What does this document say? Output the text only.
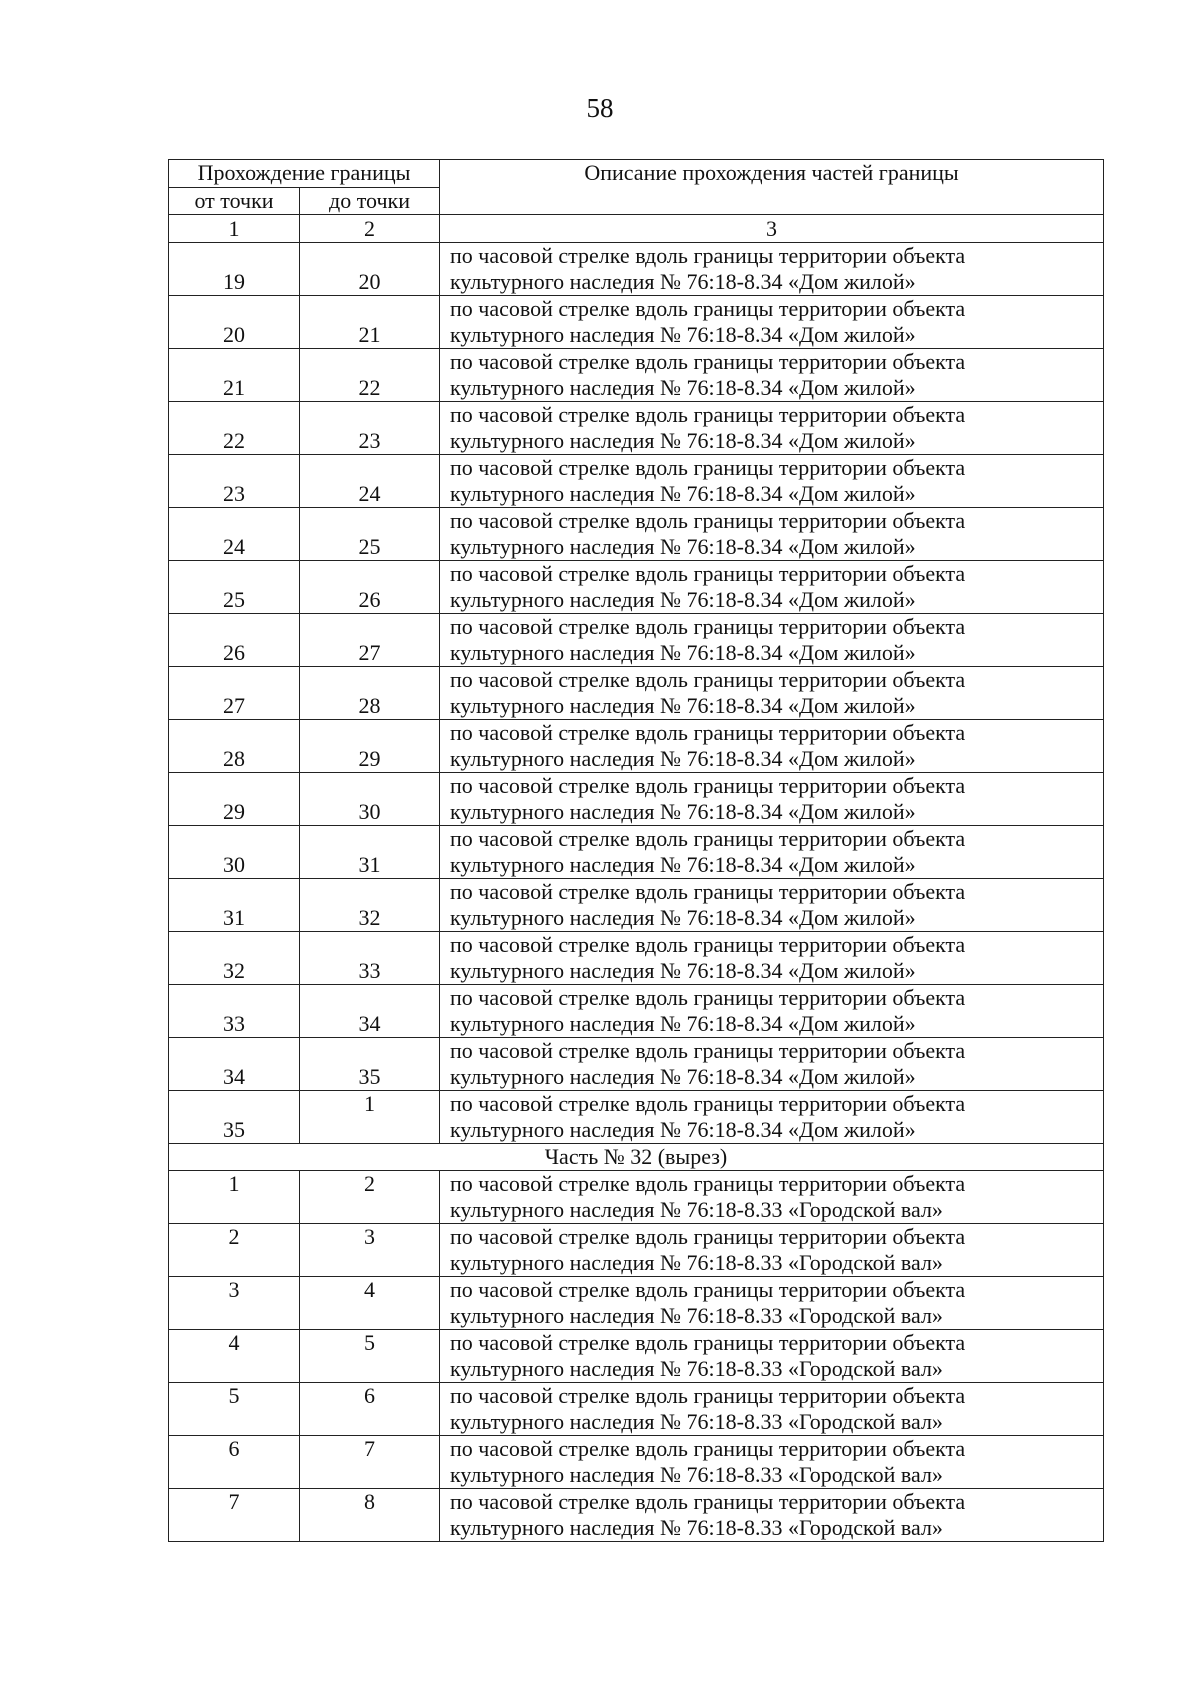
58
Прохождение границы		Описание прохождения частей границы
от точки	до точки	
1	2	3
19	20	по часовой стрелке вдоль границы территории объекта
культурного наследия № 76:18-8.34 «Дом жилой»

20	21	по часовой стрелке вдоль границы территории объекта
культурного наследия № 76:18-8.34 «Дом жилой»

21	22	по часовой стрелке вдоль границы территории объекта
культурного наследия № 76:18-8.34 «Дом жилой»

22	23	по часовой стрелке вдоль границы территории объекта
культурного наследия № 76:18-8.34 «Дом жилой»

23	24	по часовой стрелке вдоль границы территории объекта
культурного наследия № 76:18-8.34 «Дом жилой»

24	25	по часовой стрелке вдоль границы территории объекта
культурного наследия № 76:18-8.34 «Дом жилой»

25	26	по часовой стрелке вдоль границы территории объекта
культурного наследия № 76:18-8.34 «Дом жилой»

26	27	по часовой стрелке вдоль границы территории объекта
культурного наследия № 76:18-8.34 «Дом жилой»

27	28	по часовой стрелке вдоль границы территории объекта
культурного наследия № 76:18-8.34 «Дом жилой»

28	29	по часовой стрелке вдоль границы территории объекта
культурного наследия № 76:18-8.34 «Дом жилой»

29	30	по часовой стрелке вдоль границы территории объекта
культурного наследия № 76:18-8.34 «Дом жилой»

30	31	по часовой стрелке вдоль границы территории объекта
культурного наследия № 76:18-8.34 «Дом жилой»

31	32	по часовой стрелке вдоль границы территории объекта
культурного наследия № 76:18-8.34 «Дом жилой»

32	33	по часовой стрелке вдоль границы территории объекта
культурного наследия № 76:18-8.34 «Дом жилой»

33	34	по часовой стрелке вдоль границы территории объекта
культурного наследия № 76:18-8.34 «Дом жилой»

34	35	по часовой стрелке вдоль границы территории объекта
культурного наследия № 76:18-8.34 «Дом жилой»

35	1	по часовой стрелке вдоль границы территории объекта
культурного наследия № 76:18-8.34 «Дом жилой»

Часть № 32 (вырез)		
1	2	по часовой стрелке вдоль границы территории объекта
культурного наследия № 76:18-8.33 «Городской вал»

2	3	по часовой стрелке вдоль границы территории объекта
культурного наследия № 76:18-8.33 «Городской вал»

3	4	по часовой стрелке вдоль границы территории объекта
культурного наследия № 76:18-8.33 «Городской вал»

4	5	по часовой стрелке вдоль границы территории объекта
культурного наследия № 76:18-8.33 «Городской вал»

5	6	по часовой стрелке вдоль границы территории объекта
культурного наследия № 76:18-8.33 «Городской вал»

6	7	по часовой стрелке вдоль границы территории объекта
культурного наследия № 76:18-8.33 «Городской вал»

7	8	по часовой стрелке вдоль границы территории объекта
культурного наследия № 76:18-8.33 «Городской вал»
